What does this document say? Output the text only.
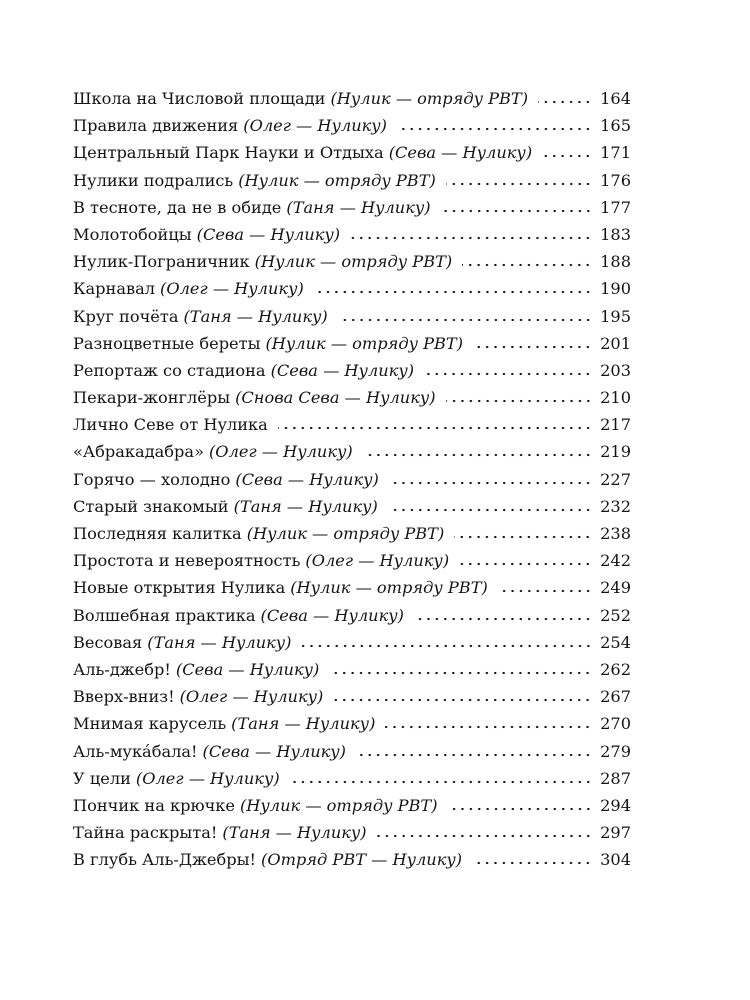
Школа на Числовой площади (Нулик — отряду РВТ)	164
Правила движения (Олег — Нулику)	165
Центральный Парк Науки и Отдыха (Сева — Нулику)	171
Нулики подрались (Нулик — отряду РВТ)	176
В тесноте, да не в обиде (Таня — Нулику)	177
Молотобойцы (Сева — Нулику)	183
Нулик-Пограничник (Нулик — отряду РВТ)	188
Карнавал (Олег — Нулику)	190
Круг почёта (Таня — Нулику)	195
Разноцветные береты (Нулик — отряду РВТ)	201
Репортаж со стадиона (Сева — Нулику)	203
Пекари-жонглёры (Снова Сева — Нулику)	210
Лично Севе от Нулика	217
«Абракадабра» (Олег — Нулику)	219
Горячо — холодно (Сева — Нулику)	227
Старый знакомый (Таня — Нулику)	232
Последняя калитка (Нулик — отряду РВТ)	238
Простота и невероятность (Олег — Нулику)	242
Новые открытия Нулика (Нулик — отряду РВТ)	249
Волшебная практика (Сева — Нулику)	252
Весовая (Таня — Нулику)	254
Аль-джебр! (Сева — Нулику)	262
Вверх-вниз! (Олег — Нулику)	267
Мнимая карусель (Таня — Нулику)	270
Аль-мука́бала! (Сева — Нулику)	279
У цели (Олег — Нулику)	287
Пончик на крючке (Нулик — отряду РВТ)	294
Тайна раскрыта! (Таня — Нулику)	297
В глубь Аль-Джебры! (Отряд РВТ — Нулику)	304
